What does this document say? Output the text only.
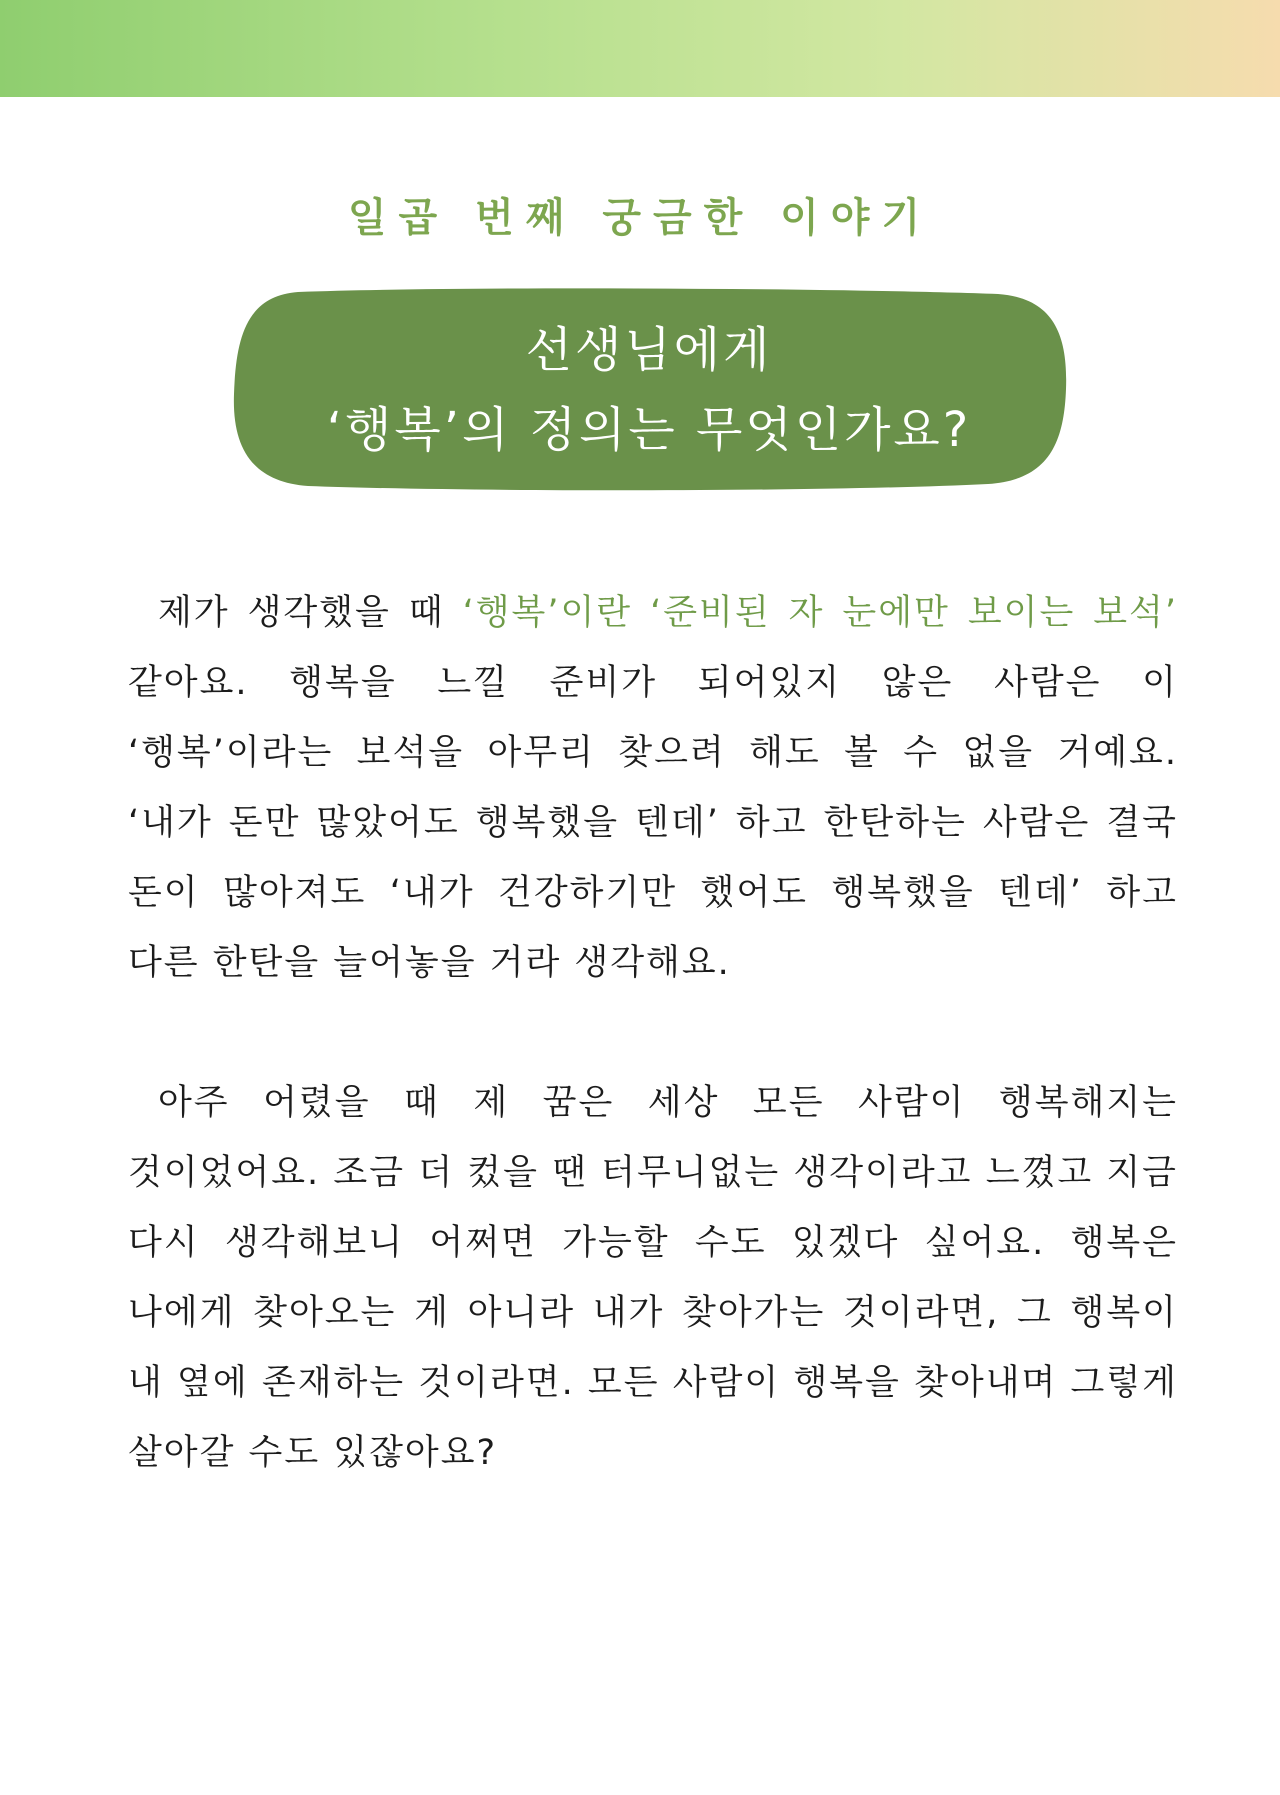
일곱 번째 궁금한 이야기
선생님에게
‘행복’의 정의는 무엇인가요?
제가 생각했을 때 ‘행복’이란 ‘준비된 자 눈에만 보이는 보석’ 같아요. 행복을 느낄 준비가 되어있지 않은 사람은 이 ‘행복’이라는 보석을 아무리 찾으려 해도 볼 수 없을 거예요. ‘내가 돈만 많았어도 행복했을 텐데’ 하고 한탄하는 사람은 결국 돈이 많아져도 ‘내가 건강하기만 했어도 행복했을 텐데’ 하고 다른 한탄을 늘어놓을 거라 생각해요.
아주 어렸을 때 제 꿈은 세상 모든 사람이 행복해지는 것이었어요. 조금 더 컸을 땐 터무니없는 생각이라고 느꼈고 지금 다시 생각해보니 어쩌면 가능할 수도 있겠다 싶어요. 행복은 나에게 찾아오는 게 아니라 내가 찾아가는 것이라면, 그 행복이 내 옆에 존재하는 것이라면. 모든 사람이 행복을 찾아내며 그렇게 살아갈 수도 있잖아요?
